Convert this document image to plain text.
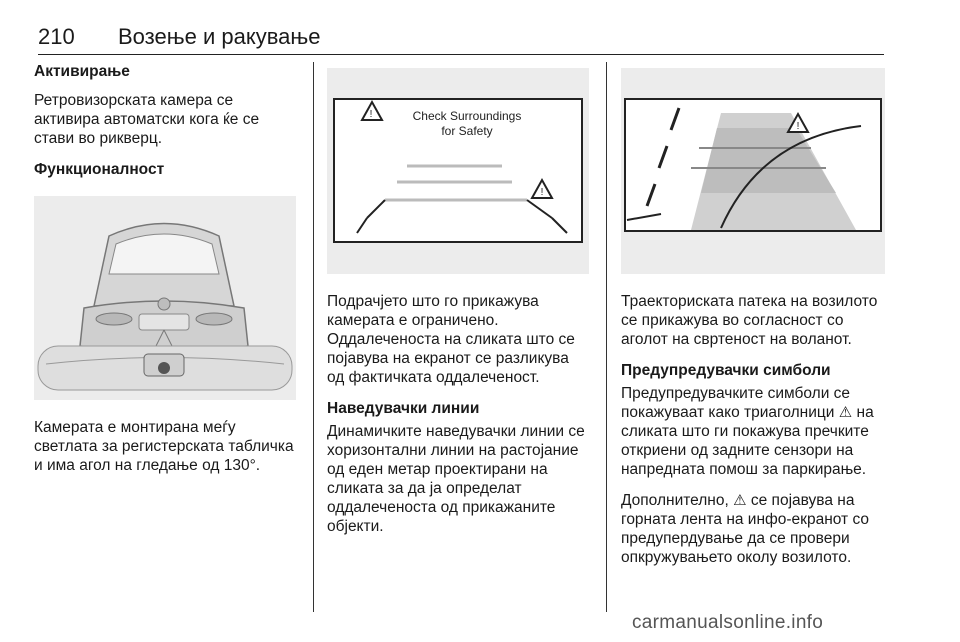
210 Возење и ракување
Активирање

Ретровизорската камера се активира автоматски кога ќе се стави во рикверц.

Функционалност

Камерата е монтирана меѓу светлата за регистерската табличка и има агол на гледање од 130°.

!	Check Surroundings
for Safety
!

Подрачјето што го прикажува камерата е ограничено. Оддалеченоста на сликата што се појавува на екранот се разликува од фактичката оддалеченост.

Наведувачки линии

Динамичките наведувачки линии се хоризонтални линии на растојание од еден метар проектирани на сликата за да ја определат оддалеченоста од прикажаните објекти.

!

Траекториската патека на возилото се прикажува во согласност со аголот на свртеност на воланот.

Предупредувачки симболи

Предупредувачките симболи се покажуваат како триаголници ⚠ на сликата што ги покажува пречките откриени од задните сензори на напредната помош за паркирање.

Дополнително, ⚠ се појавува на горната лента на инфо-екранот со предупердување да се провери опкружувањето околу возилото.

carmanualsonline.info
